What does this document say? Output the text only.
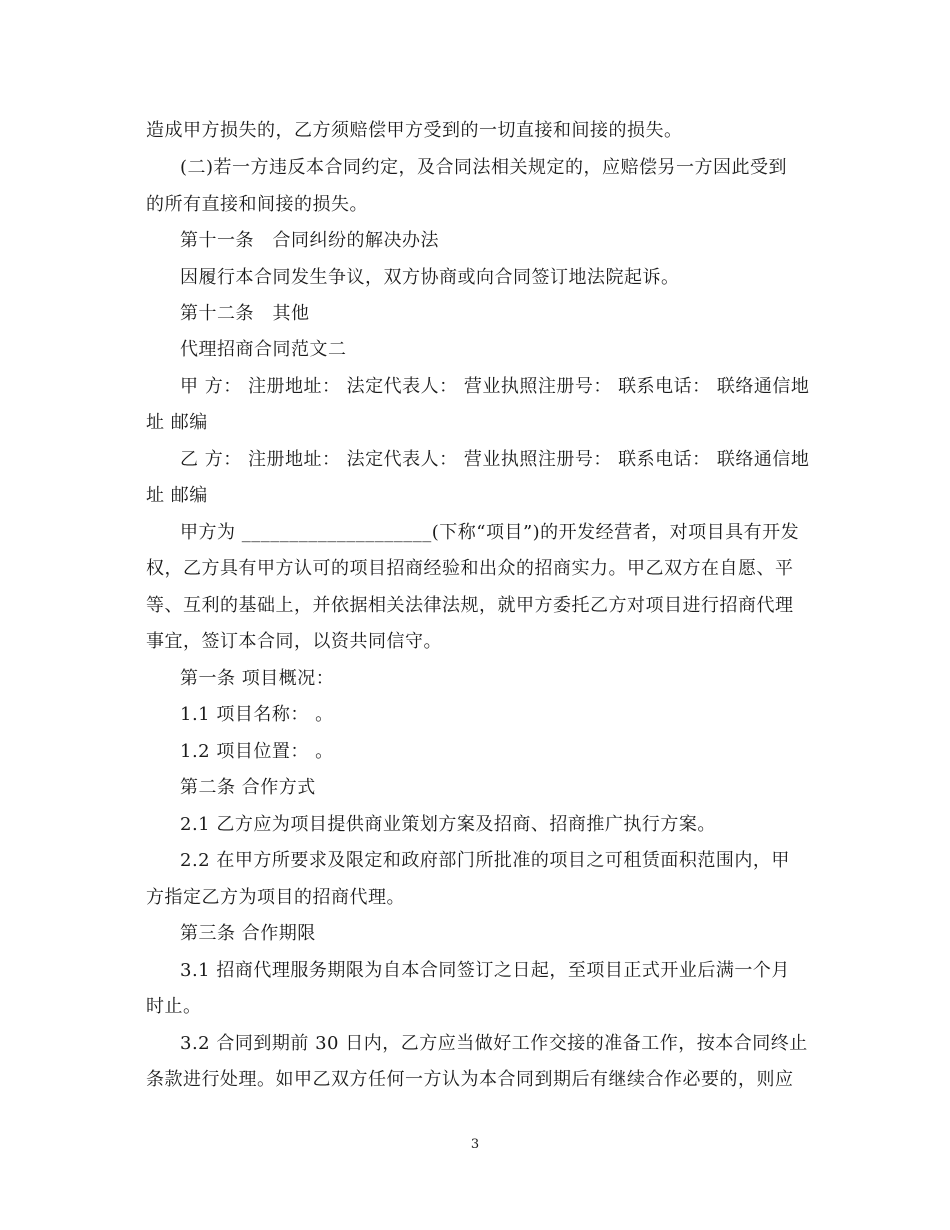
造成甲方损失的，乙方须赔偿甲方受到的一切直接和间接的损失。
(二)若一方违反本合同约定，及合同法相关规定的，应赔偿另一方因此受到
的所有直接和间接的损失。
第十一条　合同纠纷的解决办法
因履行本合同发生争议，双方协商或向合同签订地法院起诉。
第十二条　其他
代理招商合同范文二
甲 方： 注册地址： 法定代表人： 营业执照注册号： 联系电话： 联络通信地
址 邮编
乙 方： 注册地址： 法定代表人： 营业执照注册号： 联系电话： 联络通信地
址 邮编
甲方为 ____________________(下称“项目”)的开发经营者，对项目具有开发
权，乙方具有甲方认可的项目招商经验和出众的招商实力。甲乙双方在自愿、平
等、互利的基础上，并依据相关法律法规，就甲方委托乙方对项目进行招商代理
事宜，签订本合同，以资共同信守。
第一条 项目概况：
1.1 项目名称： 。
1.2 项目位置： 。
第二条 合作方式
2.1 乙方应为项目提供商业策划方案及招商、招商推广执行方案。
2.2 在甲方所要求及限定和政府部门所批准的项目之可租赁面积范围内，甲
方指定乙方为项目的招商代理。
第三条 合作期限
3.1 招商代理服务期限为自本合同签订之日起，至项目正式开业后满一个月
时止。
3.2 合同到期前 30 日内，乙方应当做好工作交接的准备工作，按本合同终止
条款进行处理。如甲乙双方任何一方认为本合同到期后有继续合作必要的，则应
3
